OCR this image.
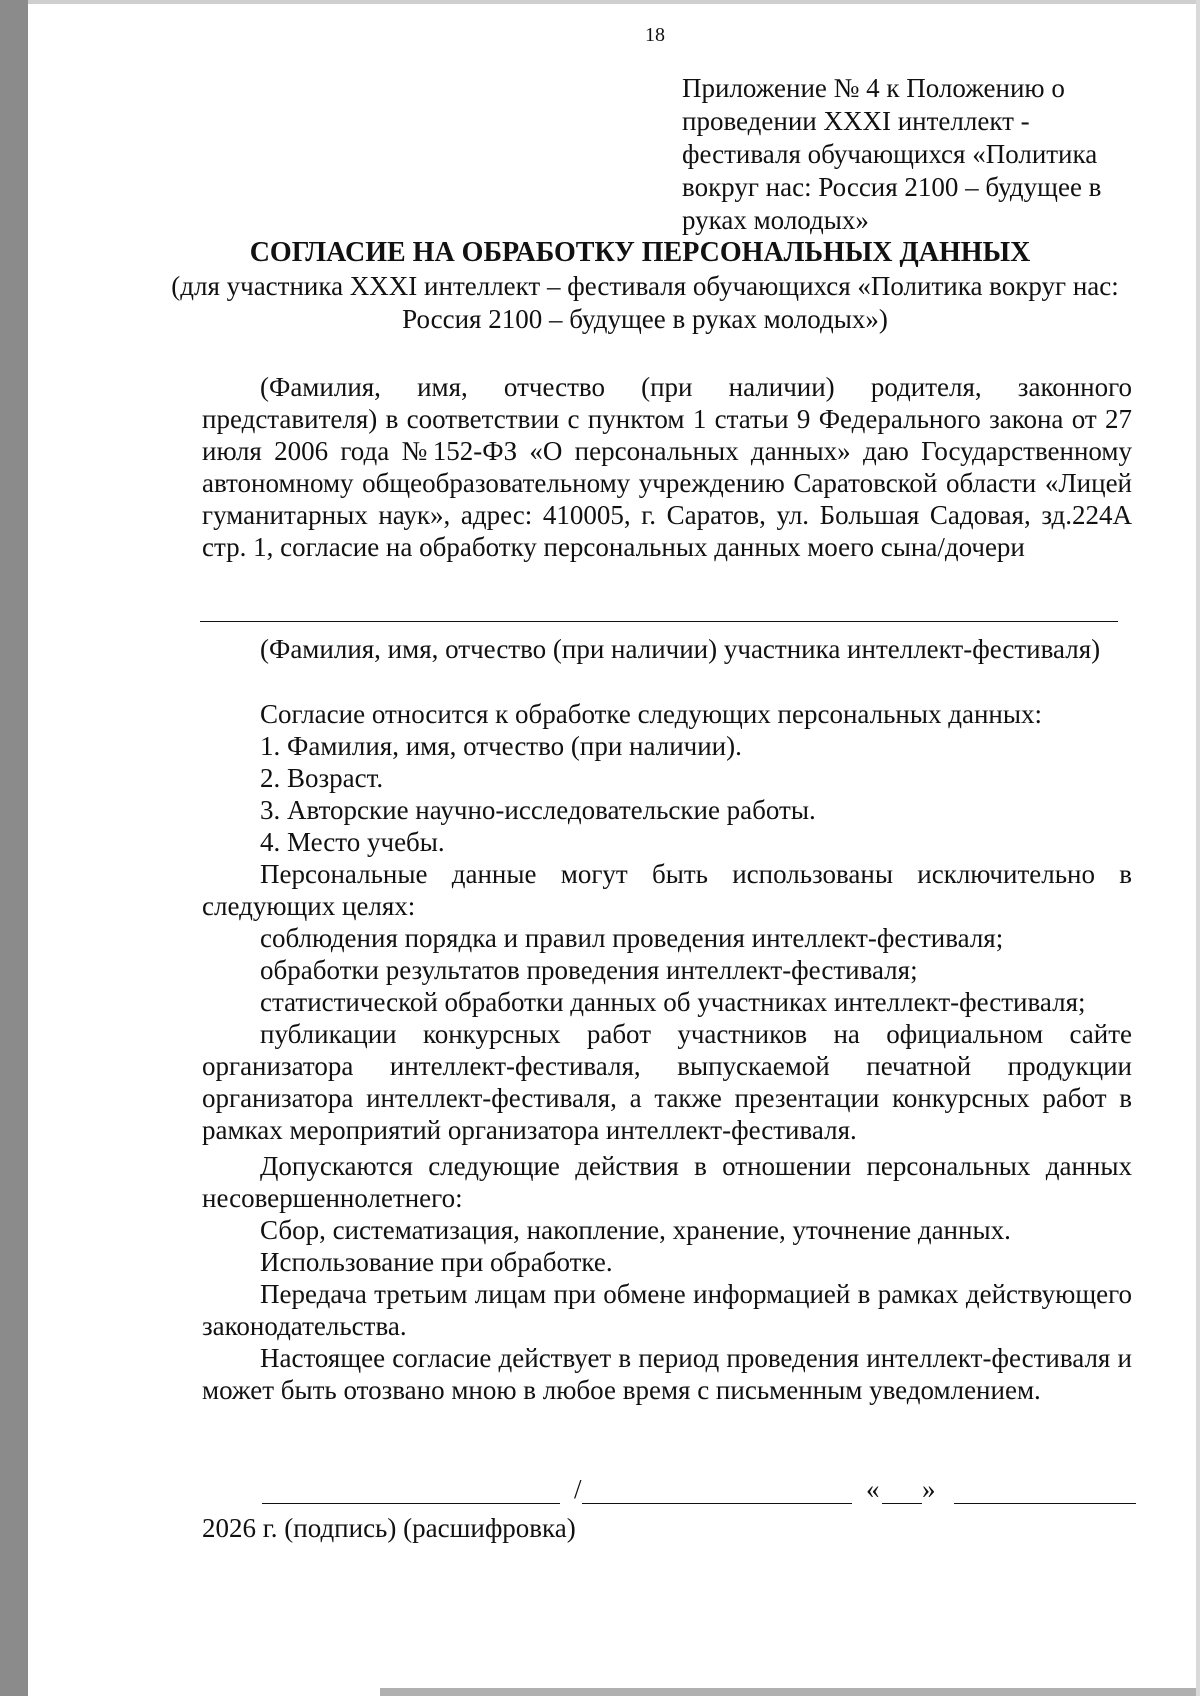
18
Приложение № 4 к Положению о проведении XXXI интеллект - фестиваля обучающихся «Политика вокруг нас: Россия 2100 – будущее в руках молодых»
СОГЛАСИЕ НА ОБРАБОТКУ ПЕРСОНАЛЬНЫХ ДАННЫХ
(для участника XXXI интеллект – фестиваля обучающихся «Политика вокруг нас: Россия 2100 – будущее в руках молодых»)
(Фамилия, имя, отчество (при наличии) родителя, законного представителя) в соответствии с пунктом 1 статьи 9 Федерального закона от 27 июля 2006 года №152-ФЗ «О персональных данных» даю Государственному автономному общеобразовательному учреждению Саратовской области «Лицей гуманитарных наук», адрес: 410005, г. Саратов, ул. Большая Садовая, зд.224А стр. 1, согласие на обработку персональных данных моего сына/дочери
(Фамилия, имя, отчество (при наличии) участника интеллект-фестиваля)
Согласие относится к обработке следующих персональных данных:
1. Фамилия, имя, отчество (при наличии).
2. Возраст.
3. Авторские научно-исследовательские работы.
4. Место учебы.
Персональные данные могут быть использованы исключительно в следующих целях:
соблюдения порядка и правил проведения интеллект-фестиваля;
обработки результатов проведения интеллект-фестиваля;
статистической обработки данных об участниках интеллект-фестиваля;
публикации конкурсных работ участников на официальном сайте организатора интеллект-фестиваля, выпускаемой печатной продукции организатора интеллект-фестиваля, а также презентации конкурсных работ в рамках мероприятий организатора интеллект-фестиваля.
Допускаются следующие действия в отношении персональных данных несовершеннолетнего:
Сбор, систематизация, накопление, хранение, уточнение данных.
Использование при обработке.
Передача третьим лицам при обмене информацией в рамках действующего законодательства.
Настоящее согласие действует в период проведения интеллект-фестиваля и может быть отозвано мною в любое время с письменным уведомлением.
/	« »
2026 г. (подпись) (расшифровка)
